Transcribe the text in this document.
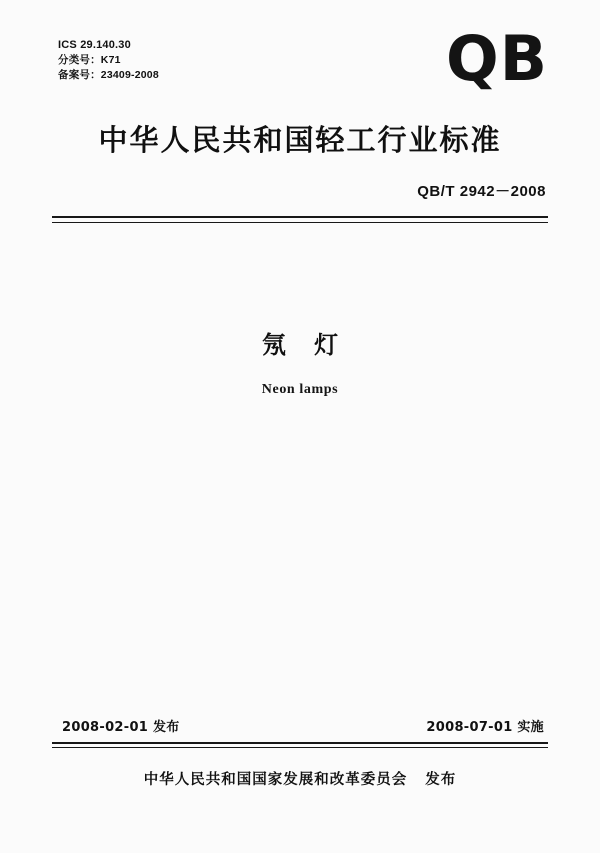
ICS 29.140.30
分类号：K71
备案号：23409-2008	QB
中华人民共和国轻工行业标准
QB/T 2942－2008
氖 灯
Neon lamps
2008-02-01 发布	2008-07-01 实施
中华人民共和国国家发展和改革委员会 发布
